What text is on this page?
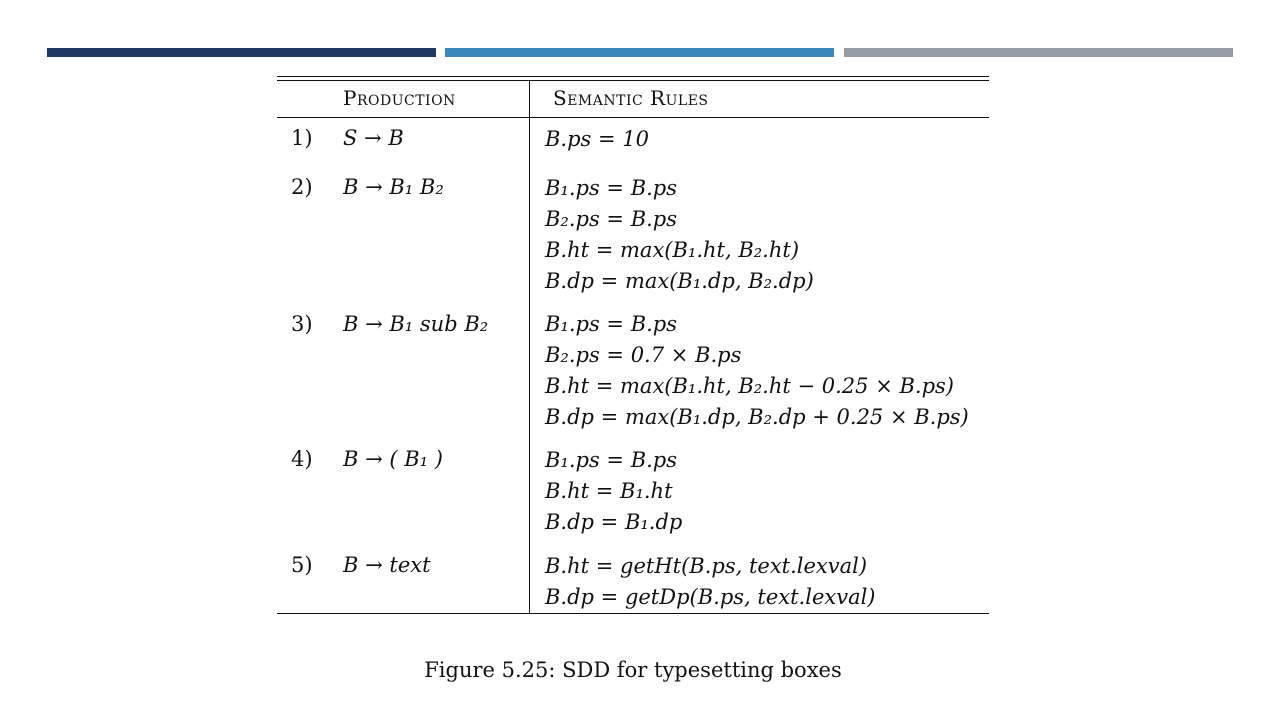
Production	Semantic Rules
1) S → B	B.ps = 10
2) B → B₁ B₂	B₁.ps = B.ps
B₂.ps = B.ps
B.ht = max(B₁.ht, B₂.ht)
B.dp = max(B₁.dp, B₂.dp)
3) B → B₁ sub B₂	B₁.ps = B.ps
B₂.ps = 0.7 × B.ps
B.ht = max(B₁.ht, B₂.ht − 0.25 × B.ps)
B.dp = max(B₁.dp, B₂.dp + 0.25 × B.ps)
4) B → ( B₁ )	B₁.ps = B.ps
B.ht = B₁.ht
B.dp = B₁.dp
5) B → text	B.ht = getHt(B.ps, text.lexval)
B.dp = getDp(B.ps, text.lexval)
Figure 5.25: SDD for typesetting boxes
